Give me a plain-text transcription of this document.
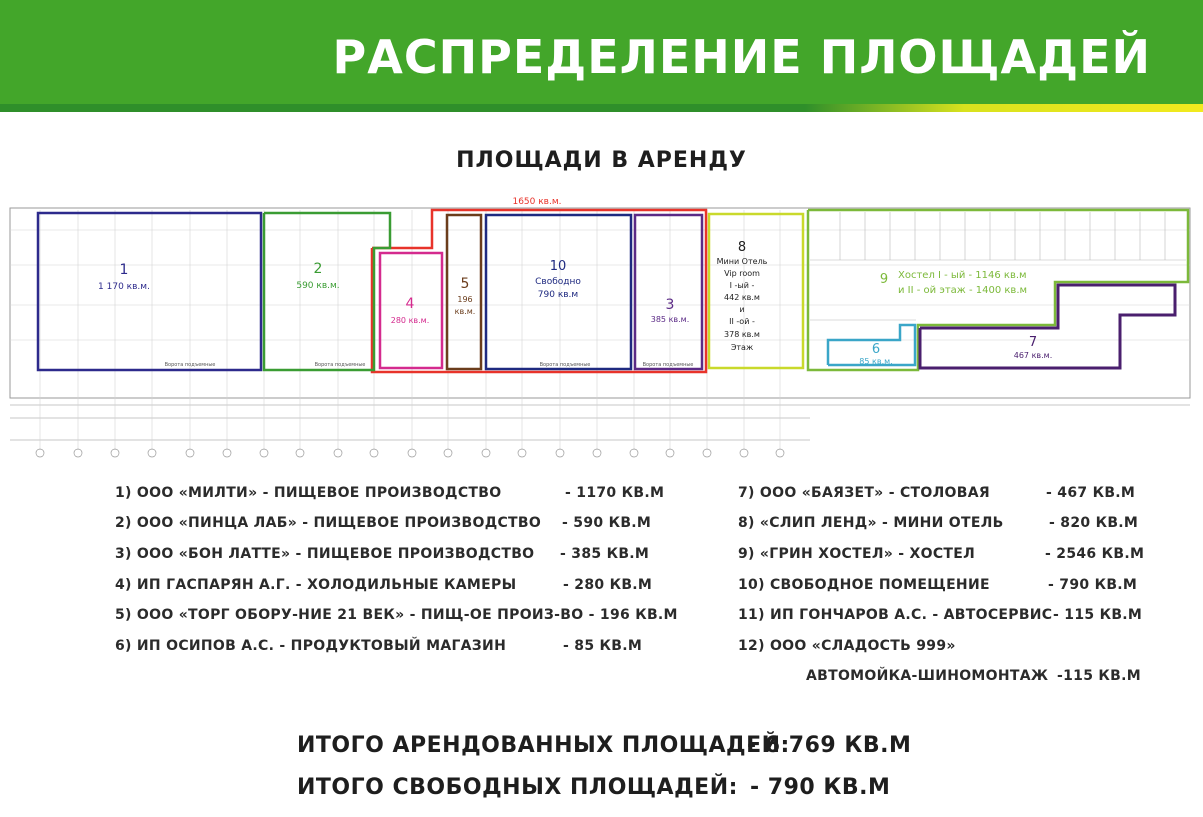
РАСПРЕДЕЛЕНИЕ ПЛОЩАДЕЙ
ПЛОЩАДИ В АРЕНДУ
1650 кв.м.
1
1 170 кв.м.
2
590 кв.м.
4
280 кв.м.
5
196
кв.м.
10
Свободно
790 кв.м
3
385 кв.м.
Ворота подъемные	Ворота подъемные	Ворота подъемные	Ворота подъемные
8
Мини Отель
Vip room
I -ый -
442 кв.м
и
II -ой -
378 кв.м
Этаж
9 Хостел I - ый - 1146 кв.м
и II - ой этаж - 1400 кв.м
6
85 кв.м.
7
467 кв.м.
1) ООО «МИЛТИ» - ПИЩЕВОЕ ПРОИЗВОДСТВО	- 1170 КВ.М
2) ООО «ПИНЦА ЛАБ» - ПИЩЕВОЕ ПРОИЗВОДСТВО - 590 КВ.М
3) ООО «БОН ЛАТТЕ» - ПИЩЕВОЕ ПРОИЗВОДСТВО - 385 КВ.М
4) ИП ГАСПАРЯН А.Г. - ХОЛОДИЛЬНЫЕ КАМЕРЫ	- 280 КВ.М
5) ООО «ТОРГ ОБОРУ-НИЕ 21 ВЕК» - ПИЩ-ОЕ ПРОИЗ-ВО - 196 КВ.М
6) ИП ОСИПОВ А.С. - ПРОДУКТОВЫЙ МАГАЗИН	- 85 КВ.М
7) ООО «БАЯЗЕТ» - СТОЛОВАЯ	- 467 КВ.М
8) «СЛИП ЛЕНД» - МИНИ ОТЕЛЬ	- 820 КВ.М
9) «ГРИН ХОСТЕЛ» - ХОСТЕЛ	- 2546 КВ.М
10) СВОБОДНОЕ ПОМЕЩЕНИЕ	- 790 КВ.М
11) ИП ГОНЧАРОВ А.С. - АВТОСЕРВИС - 115 КВ.М
12) ООО «СЛАДОСТЬ 999»
АВТОМОЙКА-ШИНОМОНТАЖ -115 КВ.М
ИТОГО АРЕНДОВАННЫХ ПЛОЩАДЕЙ:
- 6 769 КВ.М
ИТОГО СВОБОДНЫХ ПЛОЩАДЕЙ: - 790 КВ.М
